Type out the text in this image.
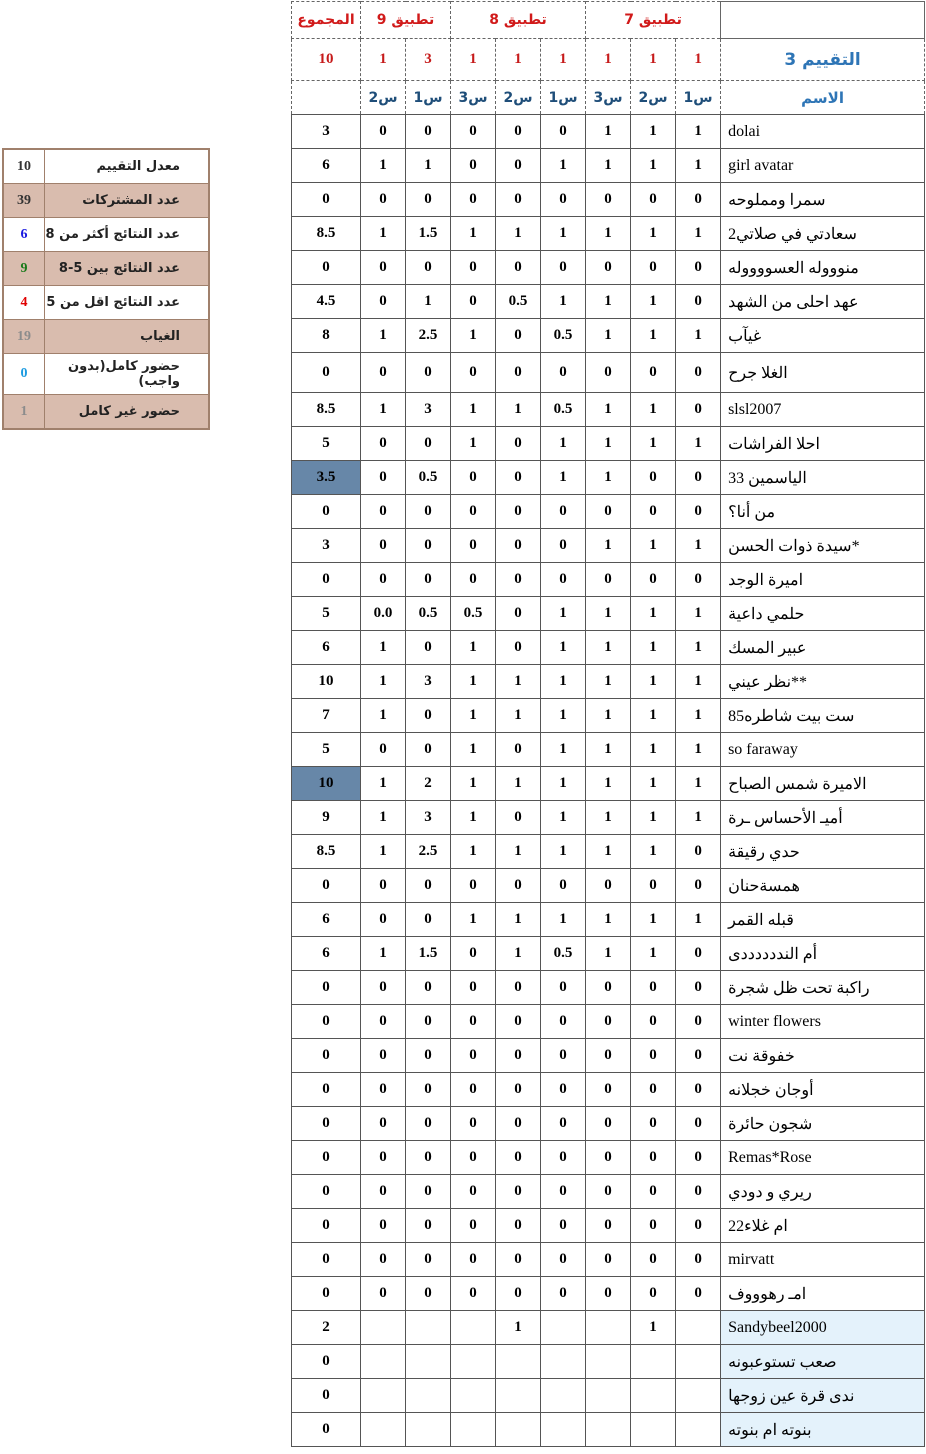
10	معدل التقييم
39	عدد المشتركات
6	عدد النتائج أكثر من 8
9	عدد النتائج بين 5-8
4	عدد النتائج اقل من 5
19	الغياب
0	حضور كامل(بدون واجب)
1	حضور غير كامل
المجموع	تطبيق 9		تطبيق 8			تطبيق 7			
10	1	3	1	1	1	1	1	1	التقييم 3
	س2	س1	س3	س2	س1	س3	س2	س1	الاسم
3	0	0	0	0	0	1	1	1	dolai
6	1	1	0	0	1	1	1	1	girl avatar
0	0	0	0	0	0	0	0	0	سمرا ومملوحه
8.5	1	1.5	1	1	1	1	1	1	سعادتي في صلاتي2
0	0	0	0	0	0	0	0	0	منوووله العسووووله
4.5	0	1	0	0.5	1	1	1	0	عهد احلى من الشهد
8	1	2.5	1	0	0.5	1	1	1	غيآب
0	0	0	0	0	0	0	0	0	الغلا جرح
8.5	1	3	1	1	0.5	1	1	0	slsl2007
5	0	0	1	0	1	1	1	1	احلا الفراشات
3.5	0	0.5	0	0	1	1	0	0	الياسمين 33
0	0	0	0	0	0	0	0	0	من أنا؟
3	0	0	0	0	0	1	1	1	سيدة ذوات الحسن*
0	0	0	0	0	0	0	0	0	اميرة الوجد
5	0.0	0.5	0.5	0	1	1	1	1	حلمي داعية
6	1	0	1	0	1	1	1	1	عبير المسك
10	1	3	1	1	1	1	1	1	نظر عيني**
7	1	0	1	1	1	1	1	1	ست بيت شاطره85
5	0	0	1	0	1	1	1	1	so faraway
10	1	2	1	1	1	1	1	1	الاميرة شمس الصباح
9	1	3	1	0	1	1	1	1	أميـ الأحساس ـرة
8.5	1	2.5	1	1	1	1	1	0	حدي رقيقة
0	0	0	0	0	0	0	0	0	همسةحنان
6	0	0	1	1	1	1	1	1	قبله القمر
6	1	1.5	0	1	0.5	1	1	0	أم النددددددى
0	0	0	0	0	0	0	0	0	راكبة تحت ظل شجرة
0	0	0	0	0	0	0	0	0	winter flowers
0	0	0	0	0	0	0	0	0	خفوقة نت
0	0	0	0	0	0	0	0	0	أوجان خجلانه
0	0	0	0	0	0	0	0	0	شجون حائرة
0	0	0	0	0	0	0	0	0	Remas*Rose
0	0	0	0	0	0	0	0	0	ريري و دودي
0	0	0	0	0	0	0	0	0	ام غلاء22
0	0	0	0	0	0	0	0	0	mirvatt
0	0	0	0	0	0	0	0	0	امـ رهوووف
2				1			1		Sandybeel2000
0									صعب تستوعبونه
0									ندى قرة عين زوجها
0									بنوته ام بنوته
